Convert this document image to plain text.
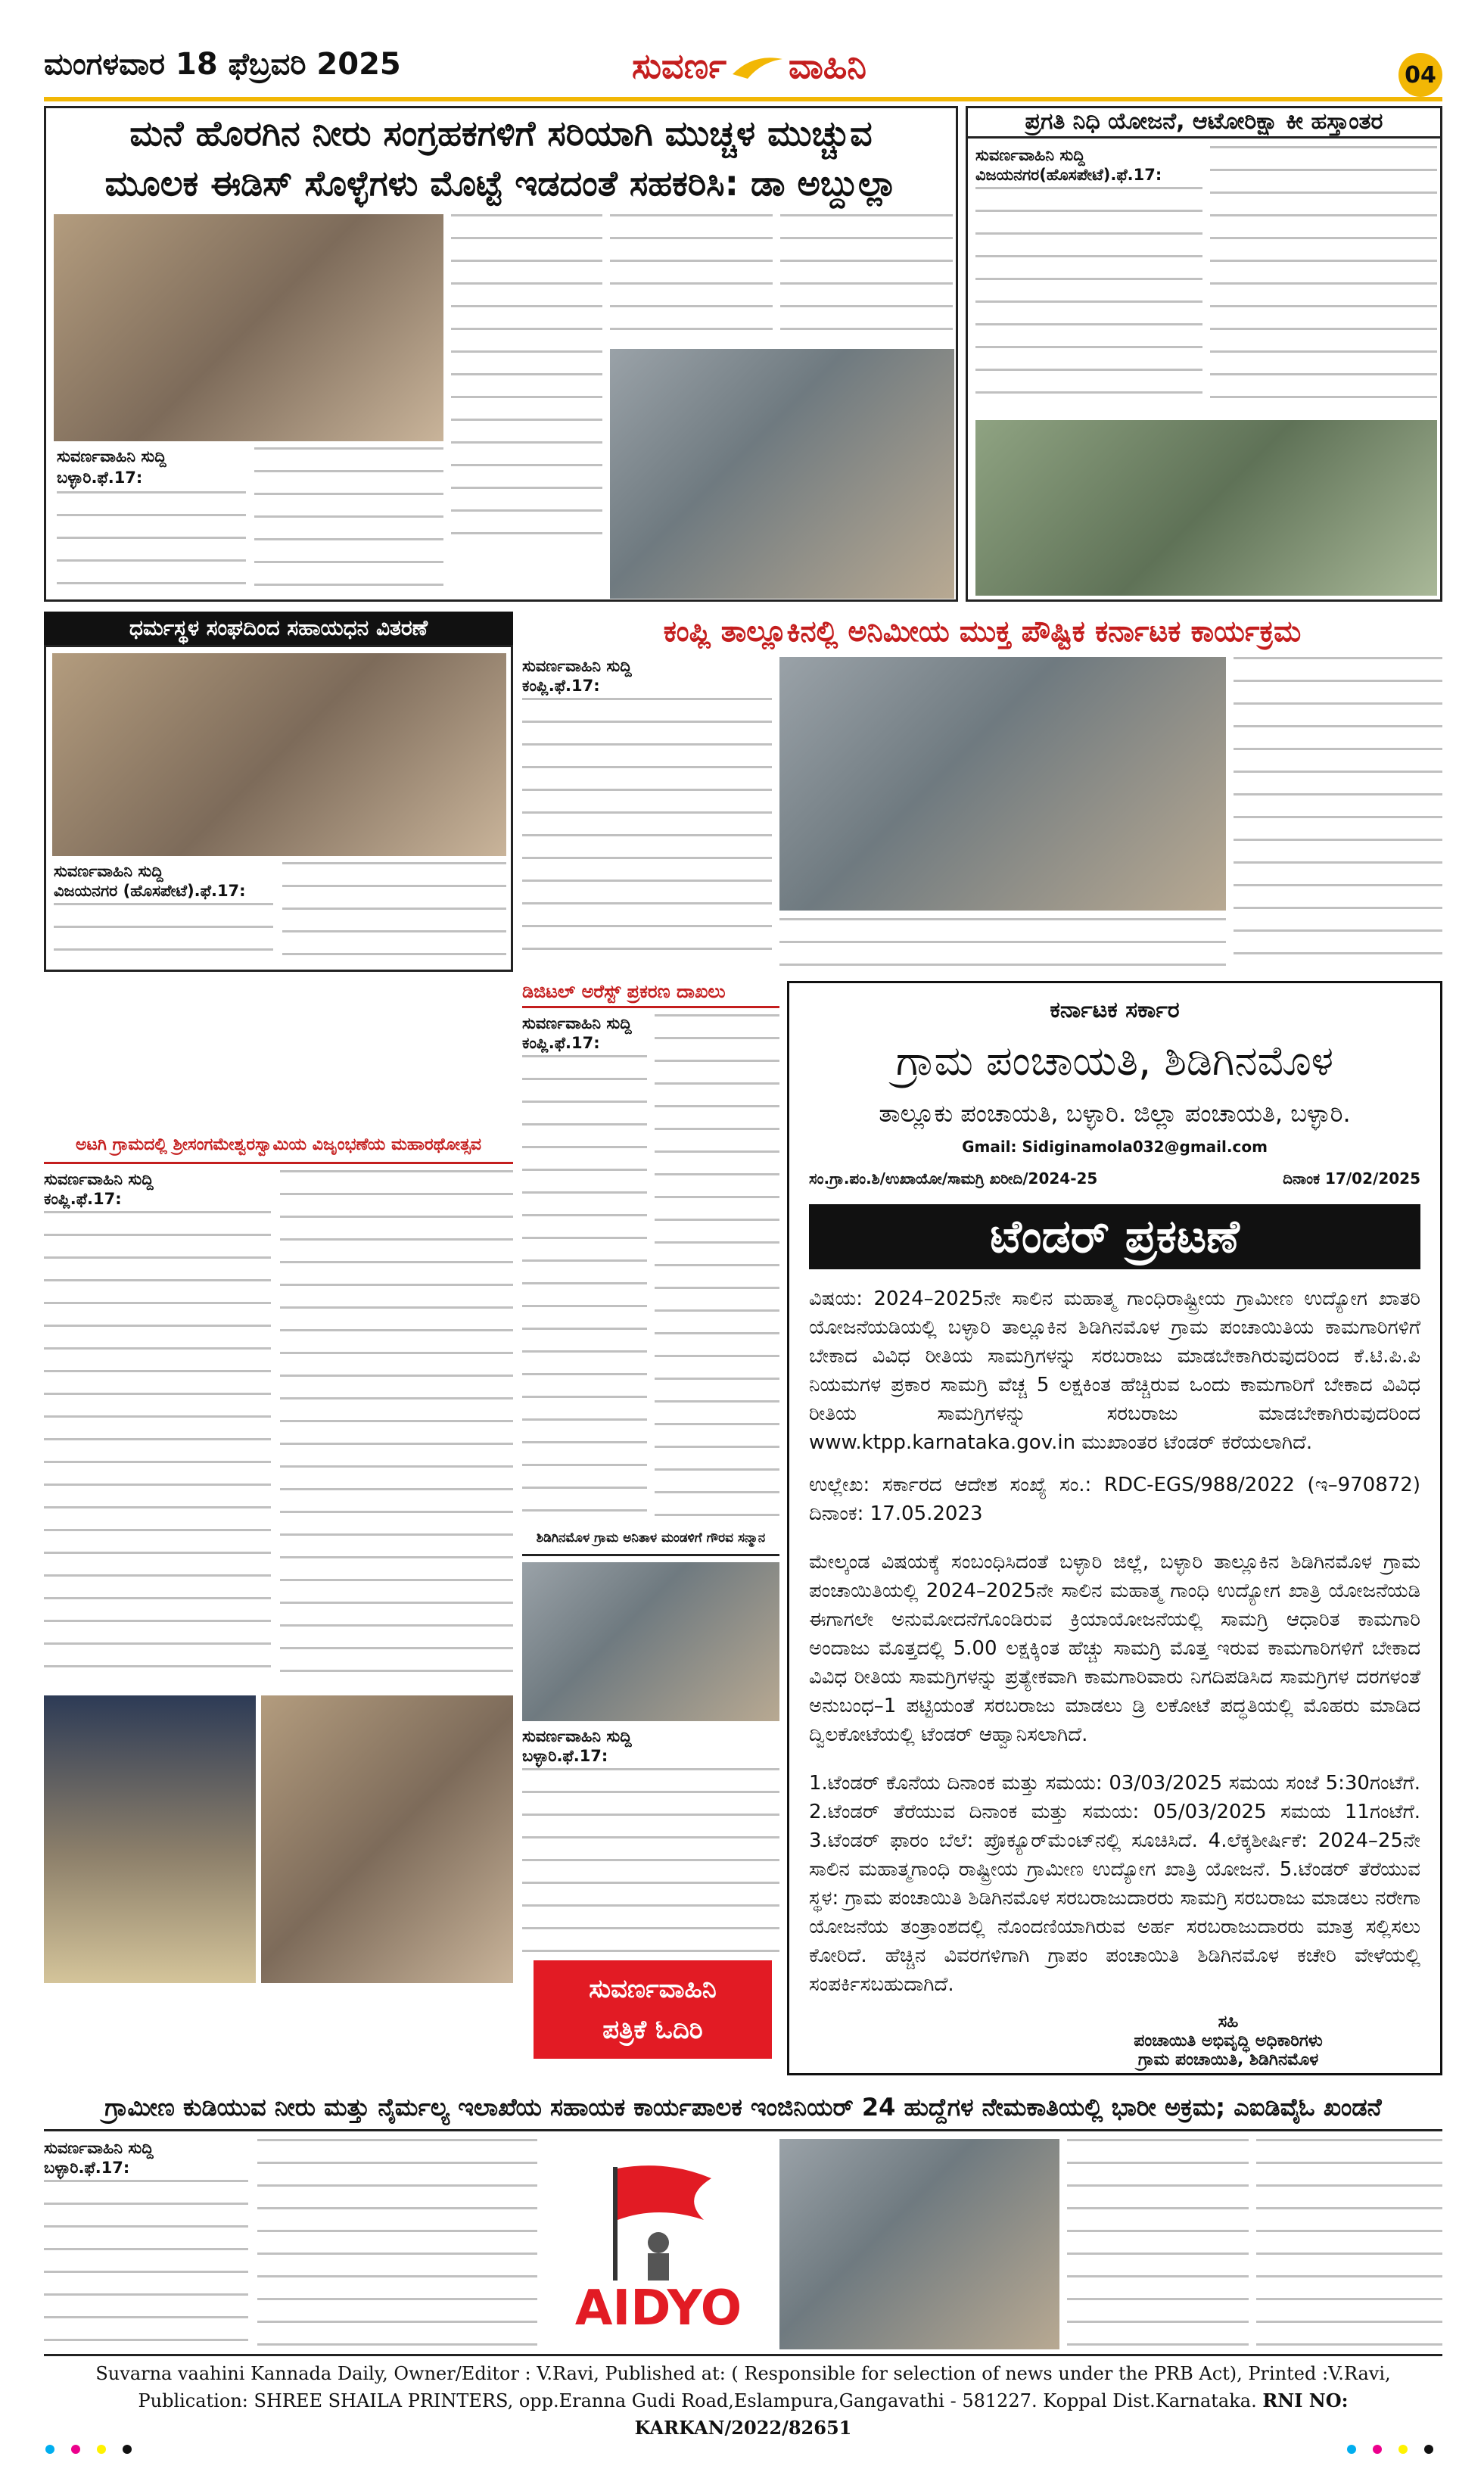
ಮಂಗಳವಾರ 18 ಫೆಬ್ರವರಿ 2025	ಸುವರ್ಣ ವಾಹಿನಿ	04
ಮನೆ ಹೊರಗಿನ ನೀರು ಸಂಗ್ರಹಕಗಳಿಗೆ ಸರಿಯಾಗಿ ಮುಚ್ಚಳ ಮುಚ್ಚುವ
ಮೂಲಕ ಈಡಿಸ್ ಸೊಳ್ಳೆಗಳು ಮೊಟ್ಟೆ ಇಡದಂತೆ ಸಹಕರಿಸಿ: ಡಾ ಅಬ್ದುಲ್ಲಾ
ಸುವರ್ಣವಾಹಿನಿ ಸುದ್ದಿ
ಬಳ್ಳಾರಿ.ಫೆ.17:
ಪ್ರಗತಿ ನಿಧಿ ಯೋಜನೆ, ಆಟೋರಿಕ್ಷಾ ಕೀ ಹಸ್ತಾಂತರ
ಸುವರ್ಣವಾಹಿನಿ ಸುದ್ದಿ
ವಿಜಯನಗರ(ಹೊಸಪೇಟೆ).ಫೆ.17:
ಧರ್ಮಸ್ಥಳ ಸಂಘದಿಂದ ಸಹಾಯಧನ ವಿತರಣೆ
ಸುವರ್ಣವಾಹಿನಿ ಸುದ್ದಿ
ವಿಜಯನಗರ (ಹೊಸಪೇಟೆ).ಫೆ.17:
ಕಂಪ್ಲಿ ತಾಲ್ಲೂಕಿನಲ್ಲಿ ಅನಿಮೀಯ ಮುಕ್ತ ಪೌಷ್ಟಿಕ ಕರ್ನಾಟಕ ಕಾರ್ಯಕ್ರಮ
ಸುವರ್ಣವಾಹಿನಿ ಸುದ್ದಿ
ಕಂಪ್ಲಿ.ಫೆ.17:
ಡಿಜಿಟಲ್ ಅರೆಸ್ಟ್ ಪ್ರಕರಣ ದಾಖಲು
ಸುವರ್ಣವಾಹಿನಿ ಸುದ್ದಿ
ಕಂಪ್ಲಿ.ಫೆ.17:
ಅಟಗಿ ಗ್ರಾಮದಲ್ಲಿ ಶ್ರೀಸಂಗಮೇಶ್ವರಸ್ವಾಮಿಯ ವಿಜೃಂಭಣೆಯ ಮಹಾರಥೋತ್ಸವ
ಸುವರ್ಣವಾಹಿನಿ ಸುದ್ದಿ
ಕಂಪ್ಲಿ.ಫೆ.17:
ಶಿಡಿಗಿನಮೊಳ ಗ್ರಾಮ ಅನಿತಾಳ ಮಂಡಳಿಗೆ ಗೌರವ ಸನ್ಮಾನ
ಸುವರ್ಣವಾಹಿನಿ ಸುದ್ದಿ
ಬಳ್ಳಾರಿ.ಫೆ.17:
ಸುವರ್ಣವಾಹಿನಿ
ಪತ್ರಿಕೆ ಓದಿರಿ
ಕರ್ನಾಟಕ ಸರ್ಕಾರ
ಗ್ರಾಮ ಪಂಚಾಯತಿ, ಶಿಡಿಗಿನಮೊಳ
ತಾಲ್ಲೂಕು ಪಂಚಾಯತಿ, ಬಳ್ಳಾರಿ. ಜಿಲ್ಲಾ ಪಂಚಾಯತಿ, ಬಳ್ಳಾರಿ.
Gmail: Sidiginamola032@gmail.com
ಸಂ.ಗ್ರಾ.ಪಂ.ಶಿ/ಉಖಾಯೋ/ಸಾಮಗ್ರಿ ಖರೀದಿ/2024-25	ದಿನಾಂಕ 17/02/2025
ಟೆಂಡರ್ ಪ್ರಕಟಣೆ

ವಿಷಯ: 2024–2025ನೇ ಸಾಲಿನ ಮಹಾತ್ಮ ಗಾಂಧಿರಾಷ್ಟ್ರೀಯ ಗ್ರಾಮೀಣ ಉದ್ಯೋಗ ಖಾತರಿ ಯೋಜನೆಯಡಿಯಲ್ಲಿ ಬಳ್ಳಾರಿ ತಾಲ್ಲೂಕಿನ ಶಿಡಿಗಿನಮೊಳ ಗ್ರಾಮ ಪಂಚಾಯಿತಿಯ ಕಾಮಗಾರಿಗಳಿಗೆ ಬೇಕಾದ ವಿವಿಧ ರೀತಿಯ ಸಾಮಗ್ರಿಗಳನ್ನು ಸರಬರಾಜು ಮಾಡಬೇಕಾಗಿರುವುದರಿಂದ ಕೆ.ಟಿ.ಪಿ.ಪಿ ನಿಯಮಗಳ ಪ್ರಕಾರ ಸಾಮಗ್ರಿ ವೆಚ್ಚ 5 ಲಕ್ಷಕಿಂತ ಹೆಚ್ಚಿರುವ ಒಂದು ಕಾಮಗಾರಿಗೆ ಬೇಕಾದ ವಿವಿಧ ರೀತಿಯ ಸಾಮಗ್ರಿಗಳನ್ನು ಸರಬರಾಜು ಮಾಡಬೇಕಾಗಿರುವುದರಿಂದ www.ktpp.karnataka.gov.in ಮುಖಾಂತರ ಟೆಂಡರ್ ಕರೆಯಲಾಗಿದೆ.

ಉಲ್ಲೇಖ: ಸರ್ಕಾರದ ಆದೇಶ ಸಂಖ್ಯೆ ಸಂ.: RDC-EGS/988/2022 (ಇ–970872) ದಿನಾಂಕ: 17.05.2023

ಮೇಲ್ಕಂಡ ವಿಷಯಕ್ಕೆ ಸಂಬಂಧಿಸಿದಂತೆ ಬಳ್ಳಾರಿ ಜಿಲ್ಲೆ, ಬಳ್ಳಾರಿ ತಾಲ್ಲೂಕಿನ ಶಿಡಿಗಿನಮೊಳ ಗ್ರಾಮ ಪಂಚಾಯಿತಿಯಲ್ಲಿ 2024–2025ನೇ ಸಾಲಿನ ಮಹಾತ್ಮ ಗಾಂಧಿ ಉದ್ಯೋಗ ಖಾತ್ರಿ ಯೋಜನೆಯಡಿ ಈಗಾಗಲೇ ಅನುಮೋದನೆಗೊಂಡಿರುವ ಕ್ರಿಯಾಯೋಜನೆಯಲ್ಲಿ ಸಾಮಗ್ರಿ ಆಧಾರಿತ ಕಾಮಗಾರಿ ಅಂದಾಜು ಮೊತ್ತದಲ್ಲಿ 5.00 ಲಕ್ಷಕ್ಕಿಂತ ಹೆಚ್ಚು ಸಾಮಗ್ರಿ ಮೊತ್ತ ಇರುವ ಕಾಮಗಾರಿಗಳಿಗೆ ಬೇಕಾದ ವಿವಿಧ ರೀತಿಯ ಸಾಮಗ್ರಿಗಳನ್ನು ಪ್ರತ್ಯೇಕವಾಗಿ ಕಾಮಗಾರಿವಾರು ನಿಗದಿಪಡಿಸಿದ ಸಾಮಗ್ರಿಗಳ ದರಗಳಂತೆ ಅನುಬಂಧ–1 ಪಟ್ಟಿಯಂತೆ ಸರಬರಾಜು ಮಾಡಲು ಡ್ರಿ ಲಕೋಟೆ ಪದ್ಧತಿಯಲ್ಲಿ ಮೊಹರು ಮಾಡಿದ ದ್ವಿಲಕೋಟೆಯಲ್ಲಿ ಟೆಂಡರ್ ಆಹ್ವಾನಿಸಲಾಗಿದೆ.

1.ಟೆಂಡರ್ ಕೊನೆಯ ದಿನಾಂಕ ಮತ್ತು ಸಮಯ: 03/03/2025 ಸಮಯ ಸಂಜೆ 5:30ಗಂಟೆಗೆ. 2.ಟೆಂಡರ್ ತೆರೆಯುವ ದಿನಾಂಕ ಮತ್ತು ಸಮಯ: 05/03/2025 ಸಮಯ 11ಗಂಟೆಗೆ. 3.ಟೆಂಡರ್ ಫಾರಂ ಬೆಲೆ: ಪ್ರೊಕ್ಯೂರ್‌ಮೆಂಟ್‌ನಲ್ಲಿ ಸೂಚಿಸಿದೆ. 4.ಲೆಕ್ಕಶೀರ್ಷಿಕೆ: 2024–25ನೇ ಸಾಲಿನ ಮಹಾತ್ಮಗಾಂಧಿ ರಾಷ್ಟ್ರೀಯ ಗ್ರಾಮೀಣ ಉದ್ಯೋಗ ಖಾತ್ರಿ ಯೋಜನೆ. 5.ಟೆಂಡರ್ ತೆರೆಯುವ ಸ್ಥಳ: ಗ್ರಾಮ ಪಂಚಾಯಿತಿ ಶಿಡಿಗಿನಮೊಳ ಸರಬರಾಜುದಾರರು ಸಾಮಗ್ರಿ ಸರಬರಾಜು ಮಾಡಲು ನರೇಗಾ ಯೋಜನೆಯ ತಂತ್ರಾಂಶದಲ್ಲಿ ನೊಂದಣಿಯಾಗಿರುವ ಅರ್ಹ ಸರಬರಾಜುದಾರರು ಮಾತ್ರ ಸಲ್ಲಿಸಲು ಕೋರಿದೆ. ಹೆಚ್ಚಿನ ವಿವರಗಳಿಗಾಗಿ ಗ್ರಾಪಂ ಪಂಚಾಯಿತಿ ಶಿಡಿಗಿನಮೊಳ ಕಚೇರಿ ವೇಳೆಯಲ್ಲಿ ಸಂಪರ್ಕಿಸಬಹುದಾಗಿದೆ.

ಸಹಿ
ಪಂಚಾಯಿತಿ ಅಭಿವೃದ್ಧಿ ಅಧಿಕಾರಿಗಳು
ಗ್ರಾಮ ಪಂಚಾಯಿತಿ, ಶಿಡಿಗಿನಮೊಳ
ಗ್ರಾಮೀಣ ಕುಡಿಯುವ ನೀರು ಮತ್ತು ನೈರ್ಮಲ್ಯ ಇಲಾಖೆಯ ಸಹಾಯಕ ಕಾರ್ಯಪಾಲಕ ಇಂಜಿನಿಯರ್ 24 ಹುದ್ದೆಗಳ ನೇಮಕಾತಿಯಲ್ಲಿ ಭಾರೀ ಅಕ್ರಮ; ಎಐಡಿವೈಓ ಖಂಡನೆ
ಸುವರ್ಣವಾಹಿನಿ ಸುದ್ದಿ
ಬಳ್ಳಾರಿ.ಫೆ.17:
AIDYO
Suvarna vaahini Kannada Daily, Owner/Editor : V.Ravi, Published at: ( Responsible for selection of news under the PRB Act), Printed :V.Ravi,
Publication: SHREE SHAILA PRINTERS, opp.Eranna Gudi Road,Eslampura,Gangavathi - 581227. Koppal Dist.Karnataka. RNI NO: KARKAN/2022/82651
